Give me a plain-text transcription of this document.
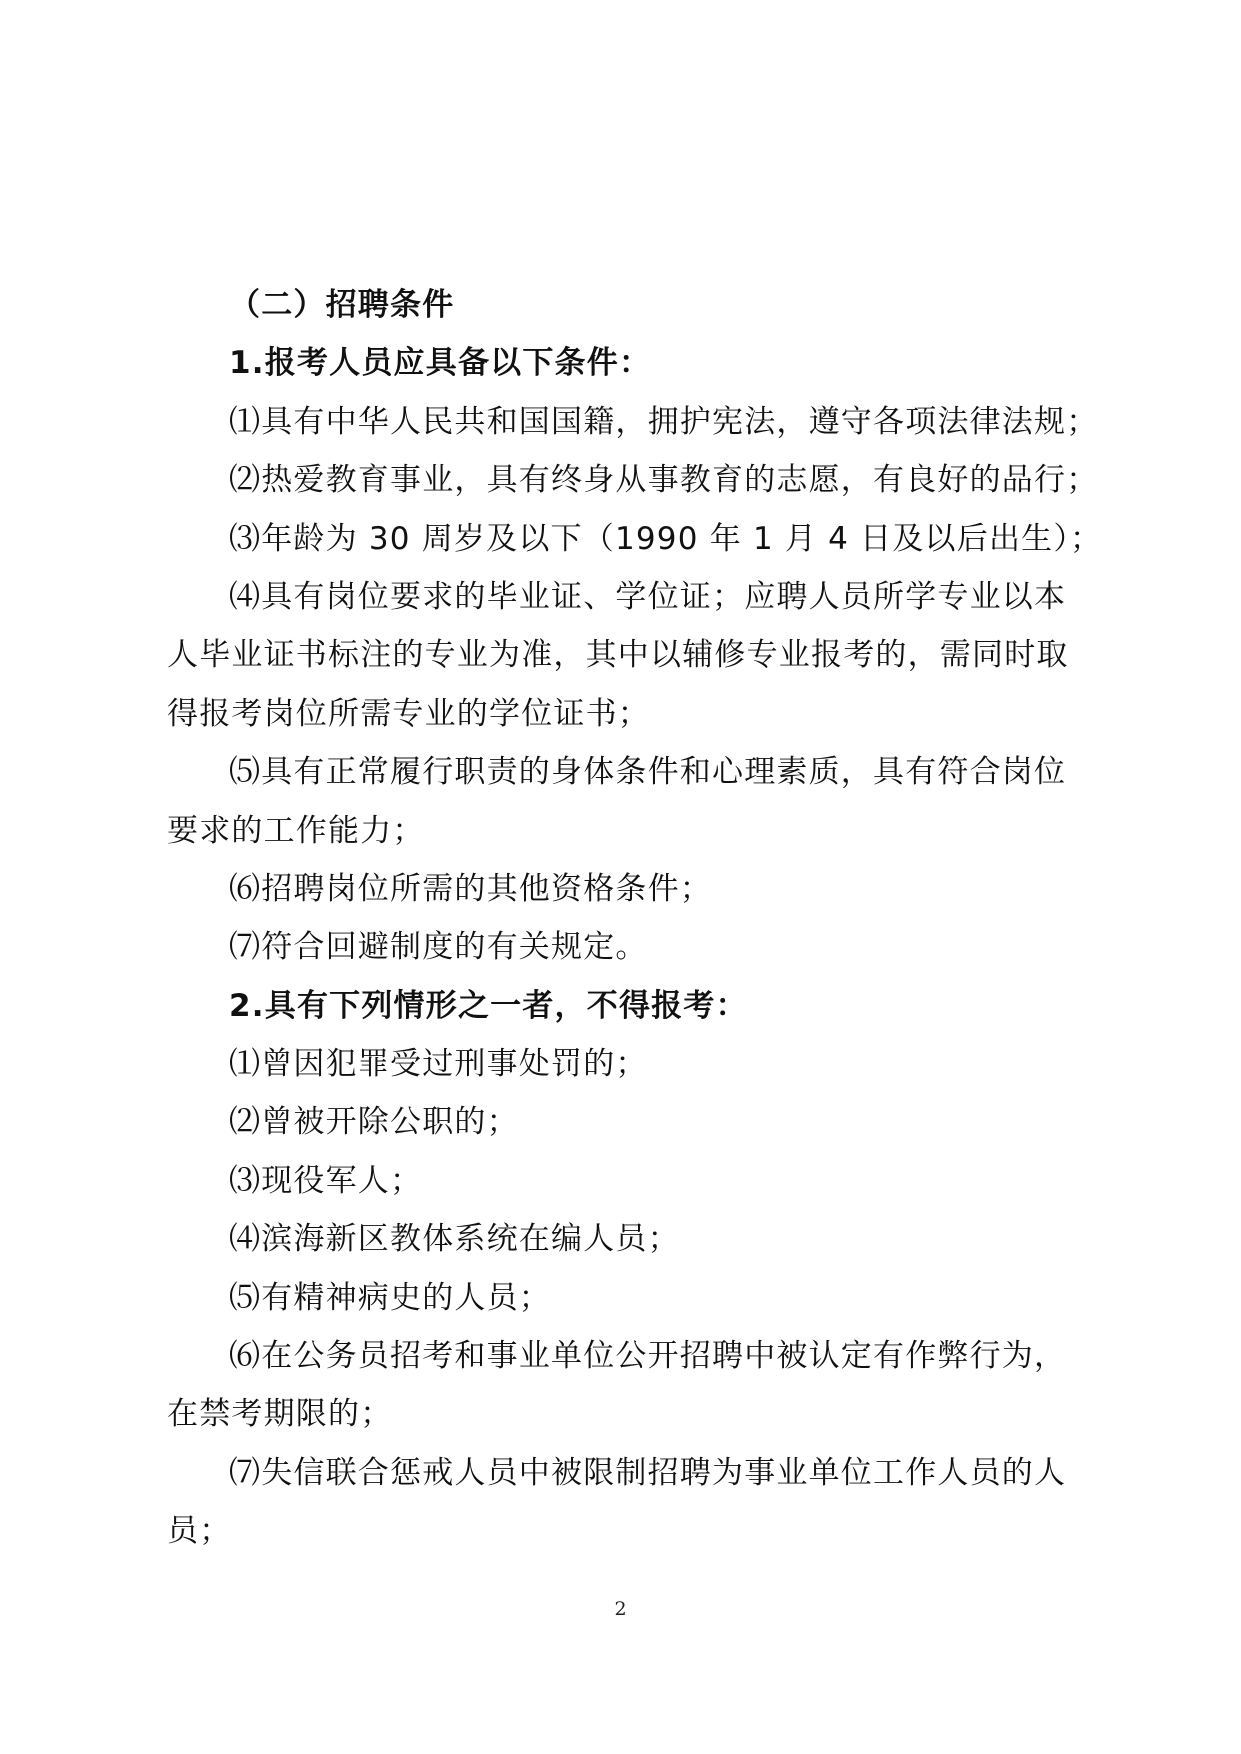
（二）招聘条件
1.报考人员应具备以下条件：
⑴具有中华人民共和国国籍，拥护宪法，遵守各项法律法规；
⑵热爱教育事业，具有终身从事教育的志愿，有良好的品行；
⑶年龄为 30 周岁及以下（1990 年 1 月 4 日及以后出生）；
⑷具有岗位要求的毕业证、学位证；应聘人员所学专业以本
人毕业证书标注的专业为准，其中以辅修专业报考的，需同时取
得报考岗位所需专业的学位证书；
⑸具有正常履行职责的身体条件和心理素质，具有符合岗位
要求的工作能力；
⑹招聘岗位所需的其他资格条件；
⑺符合回避制度的有关规定。
2.具有下列情形之一者，不得报考：
⑴曾因犯罪受过刑事处罚的；
⑵曾被开除公职的；
⑶现役军人；
⑷滨海新区教体系统在编人员；
⑸有精神病史的人员；
⑹在公务员招考和事业单位公开招聘中被认定有作弊行为，
在禁考期限的；
⑺失信联合惩戒人员中被限制招聘为事业单位工作人员的人
员；
2
